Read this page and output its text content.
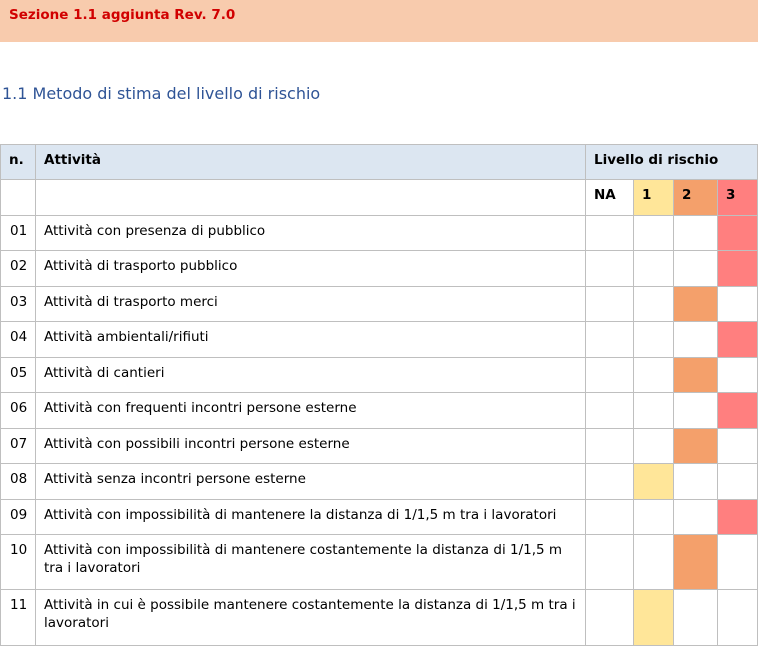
Sezione 1.1 aggiunta Rev. 7.0
1.1 Metodo di stima del livello di rischio
n.	Attività	Livello di rischio			
		NA	1	2	3
01	Attività con presenza di pubblico				
02	Attività di trasporto pubblico				
03	Attività di trasporto merci				
04	Attività ambientali/rifiuti				
05	Attività di cantieri				
06	Attività con frequenti incontri persone esterne				
07	Attività con possibili incontri persone esterne				
08	Attività senza incontri persone esterne				
09	Attività con impossibilità di mantenere la distanza di 1/1,5 m tra i lavoratori				
10	Attività con impossibilità di mantenere costantemente la distanza di 1/1,5 m tra i lavoratori				
11	Attività in cui è possibile mantenere costantemente la distanza di 1/1,5 m tra i lavoratori				
